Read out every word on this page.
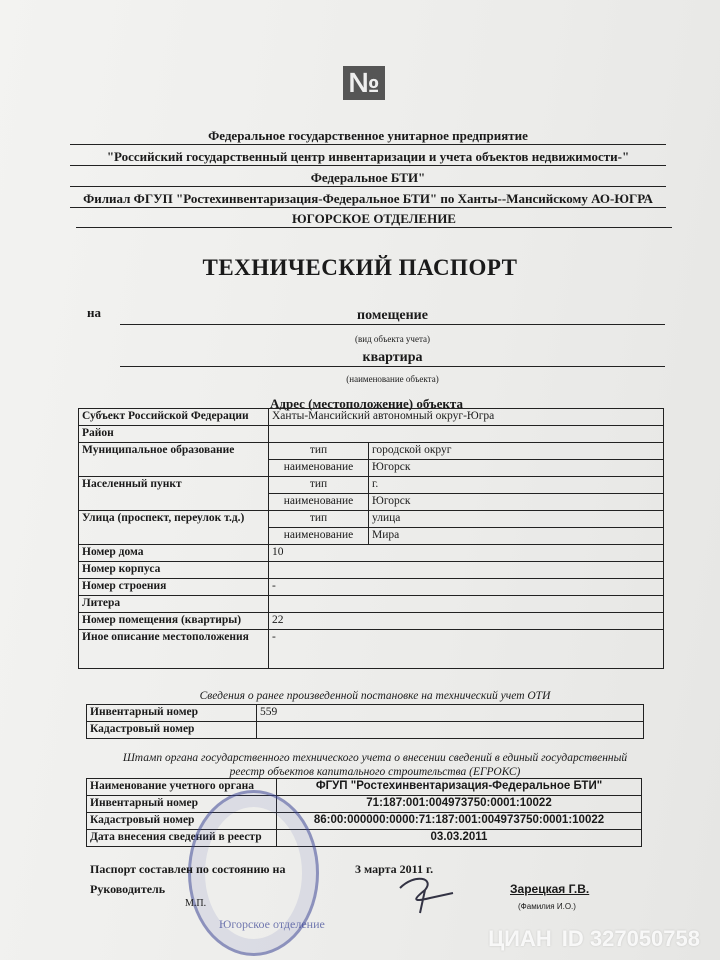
№
Федеральное государственное унитарное предприятие
"Российский государственный центр инвентаризации и учета объектов недвижимости-"
Федеральное БТИ"
Филиал ФГУП "Ростехинвентаризация-Федеральное БТИ" по Ханты--Мансийскому АО-ЮГРА
ЮГОРСКОЕ ОТДЕЛЕНИЕ
ТЕХНИЧЕСКИЙ ПАСПОРТ
на	помещение
(вид объекта учета)
квартира
(наименование объекта)
Адрес (местоположение) объекта
Субъект Российской Федерации	Ханты-Мансийский автономный округ-Югра	
Район		
Муниципальное образование	тип	городской округ
	наименование	Югорск
Населенный пункт	тип	г.
	наименование	Югорск
Улица (проспект, переулок т.д.)	тип	улица
	наименование	Мира
Номер дома	10	
Номер корпуса		
Номер строения	-	
Литера		
Номер помещения (квартиры)	22	
Иное описание местоположения	-	
Сведения о ранее произведенной постановке на технический учет ОТИ
Инвентарный номер	559
Кадастровый номер	
Штамп органа государственного технического учета о внесении сведений в единый государственный
реестр объектов капитального строительства (ЕГРОКС)
Наименование учетного органа	ФГУП "Ростехинвентаризация-Федеральное БТИ"
Инвентарный номер	71:187:001:004973750:0001:10022
Кадастровый номер	86:00:000000:0000:71:187:001:004973750:0001:10022
Дата внесения сведений в реестр	03.03.2011
Югорское отделение
Паспорт составлен по состоянию на	3 марта 2011 г.
Руководитель
М.П.
Зарецкая Г.В.
(Фамилия И.О.)
ЦИАН ID 327050758
